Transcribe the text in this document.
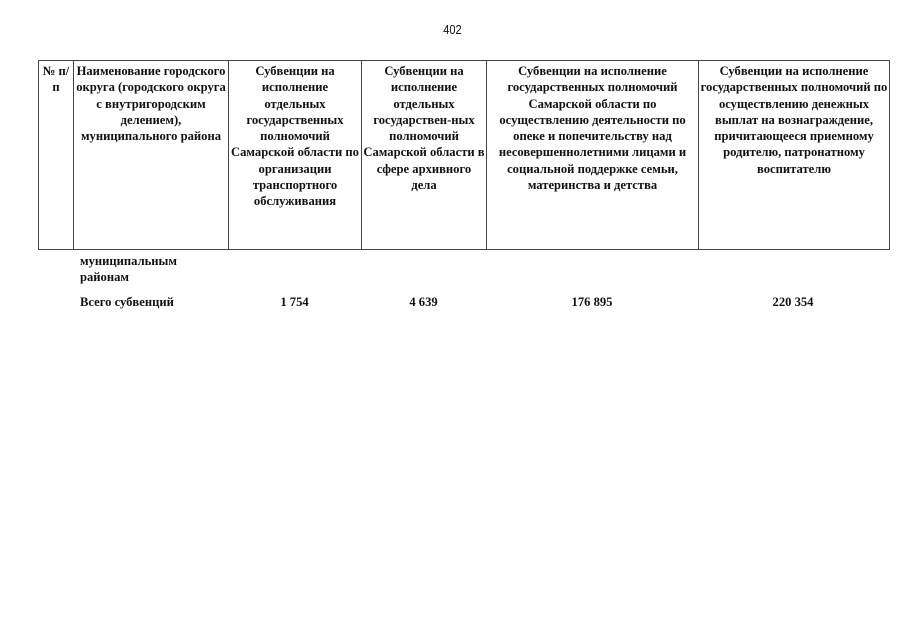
402
№ п/п	Наименование городского округа (городского округа с внутригородским делением), муниципального района	Субвенции на исполнение отдельных государственных полномочий Самарской области по организации транспортного обслуживания	Субвенции на исполнение отдельных государствен-ных полномочий Самарской области в сфере архивного дела	Субвенции на исполнение государственных полномочий Самарской области по осуществлению деятельности по опеке и попечительству над несовершеннолетними лицами и социальной поддержке семьи, материнства и детства	Субвенции на исполнение государственных полномочий по осуществлению денежных выплат на вознаграждение, причитающееся приемному родителю, патронатному воспитателю
муниципальным районам
Всего субвенций	1 754	4 639	176 895	220 354
